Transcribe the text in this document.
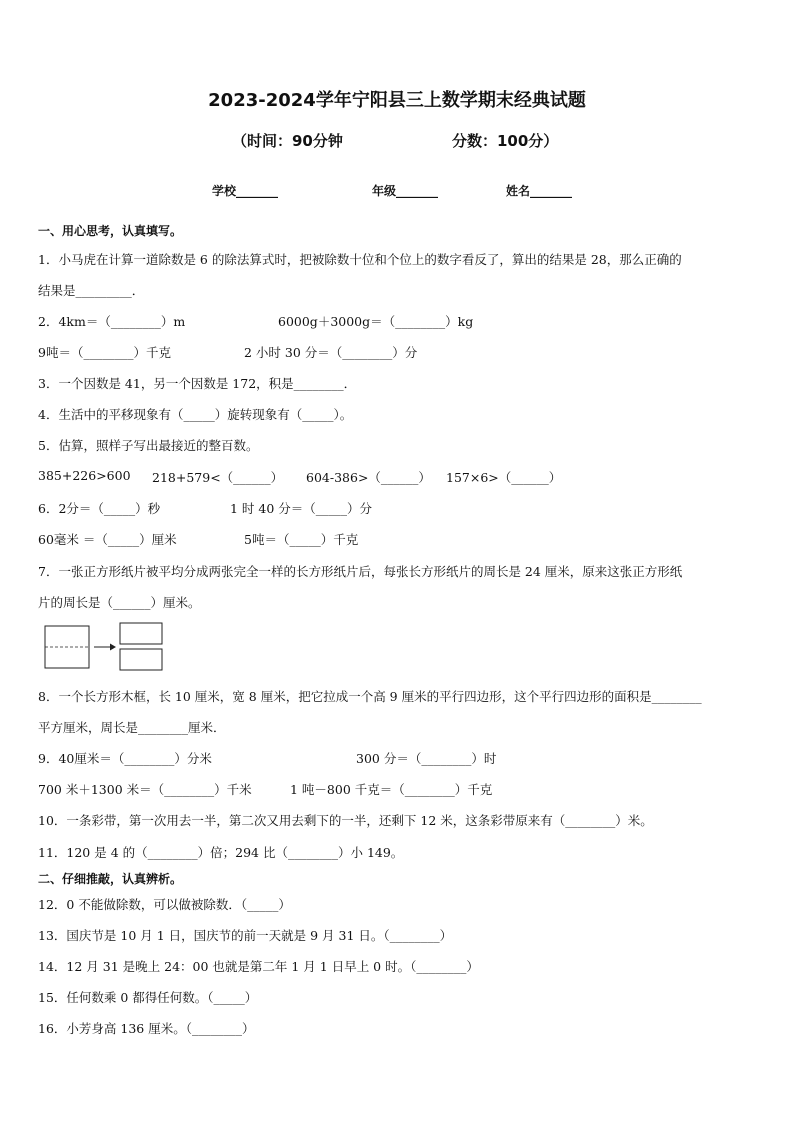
2023-2024学年宁阳县三上数学期末经典试题
（时间：90分钟	分数：100分）
学校_______	年级_______	姓名_______
一、用心思考，认真填写。
1．小马虎在计算一道除数是 6 的除法算式时，把被除数十位和个位上的数字看反了，算出的结果是 28，那么正确的
结果是_________．
2．4km＝（________）m	6000g＋3000g＝（________）kg
9吨＝（________）千克	2 小时 30 分＝（________）分
3．一个因数是 41，另一个因数是 172，积是________．
4．生活中的平移现象有（_____）旋转现象有（_____）。
5．估算，照样子写出最接近的整百数。
385+226>600 218+579<（______） 604-386>（______） 157×6>（______）
6．2分＝（_____）秒	1 时 40 分＝（_____）分
60毫米 ＝（_____）厘米	5吨＝（_____）千克
7．一张正方形纸片被平均分成两张完全一样的长方形纸片后，每张长方形纸片的周长是 24 厘米，原来这张正方形纸
片的周长是（______）厘米。
8．一个长方形木框，长 10 厘米，宽 8 厘米，把它拉成一个高 9 厘米的平行四边形，这个平行四边形的面积是________
平方厘米，周长是________厘米．
9．40厘米＝（________）分米	300 分＝（________）时
700 米＋1300 米＝（________）千米	1 吨－800 千克＝（________）千克
10．一条彩带，第一次用去一半，第二次又用去剩下的一半，还剩下 12 米，这条彩带原来有（________）米。
11．120 是 4 的（________）倍；294 比（________）小 149。
二、仔细推敲，认真辨析。
12．0 不能做除数，可以做被除数．（_____）
13．国庆节是 10 月 1 日，国庆节的前一天就是 9 月 31 日。（________）
14．12 月 31 是晚上 24：00 也就是第二年 1 月 1 日早上 0 时。（________）
15．任何数乘 0 都得任何数。（_____）
16．小芳身高 136 厘米。（________）
